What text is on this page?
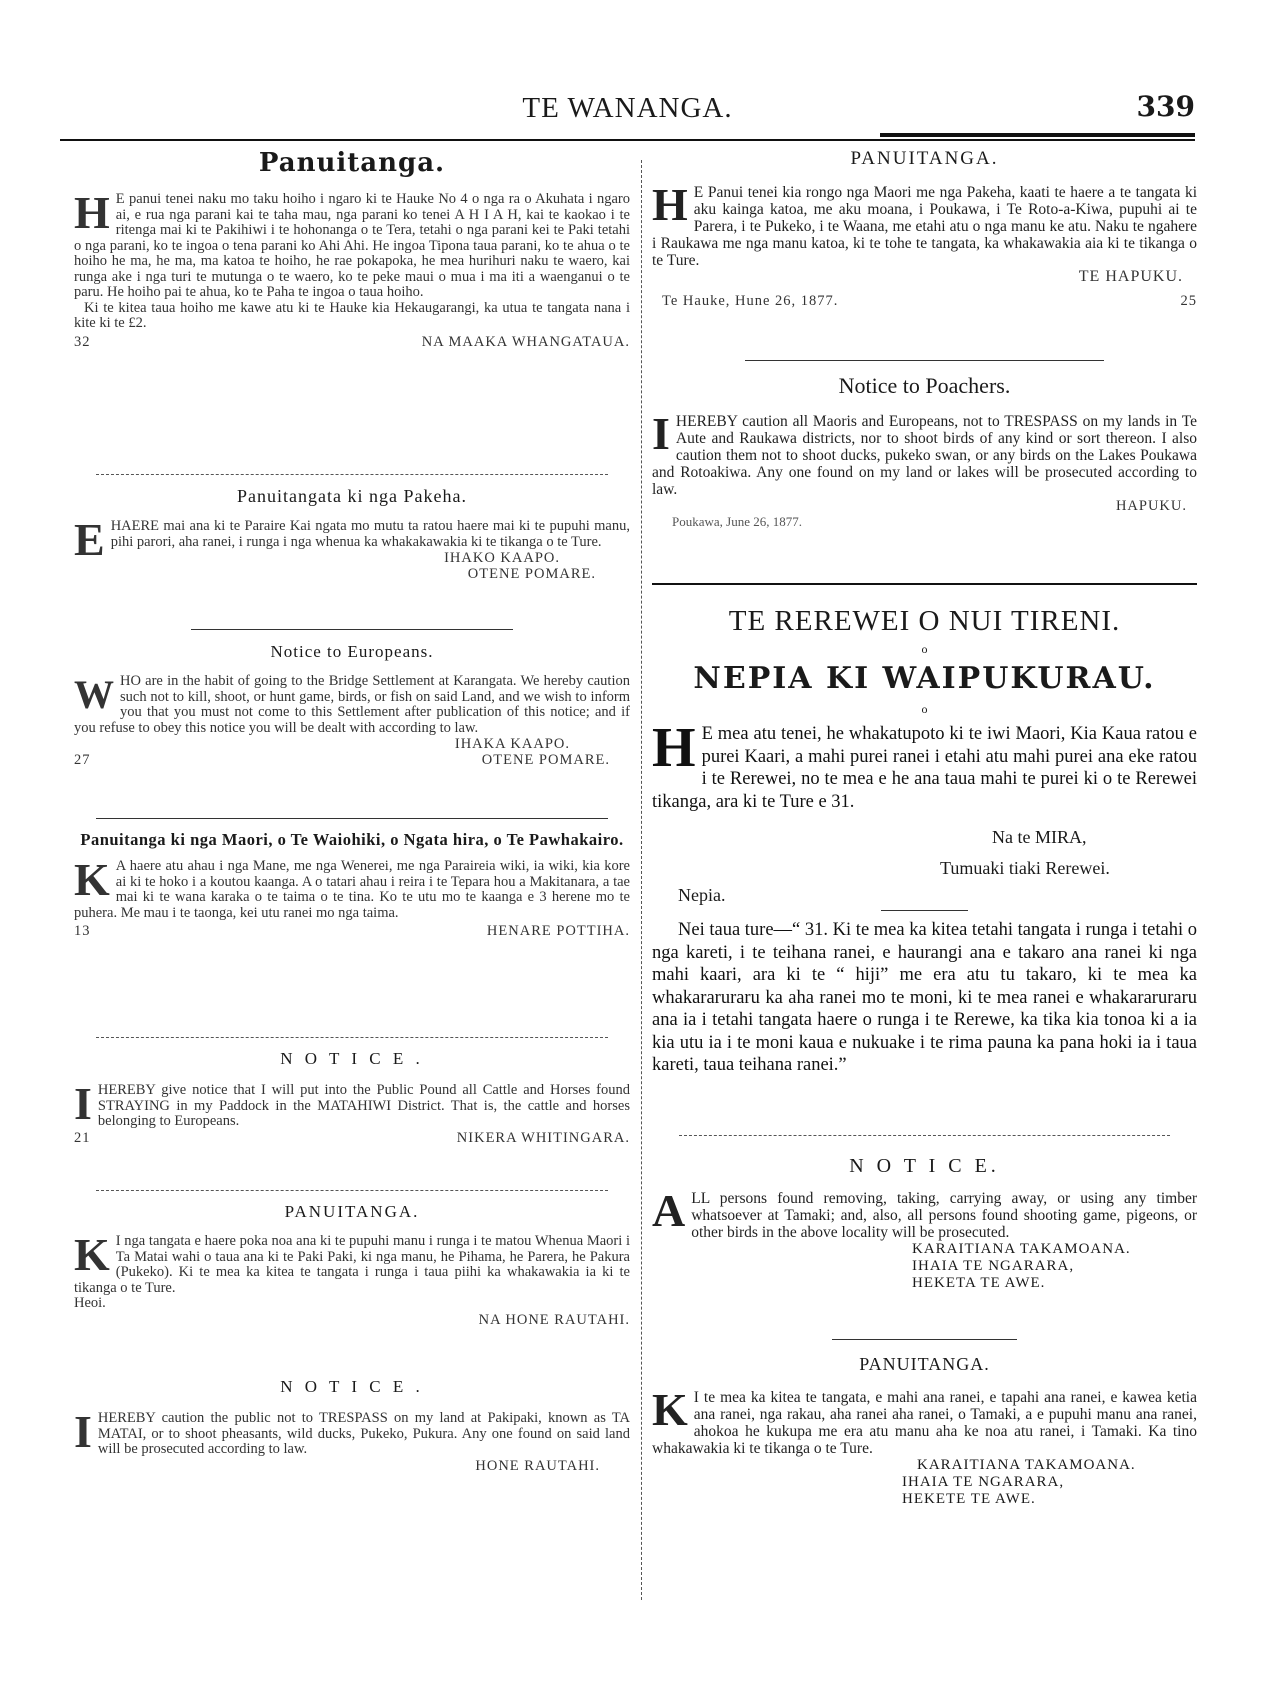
TE WANANGA.	339
Panuitanga.

H E panui tenei naku mo taku hoiho i ngaro ki te Hauke No 4 o nga ra o Akuhata i ngaro ai, e rua nga parani kai te taha mau, nga parani ko tenei A H I A H, kai te kaokao i te ritenga mai ki te Pakihiwi i te hohonanga o te Tera, tetahi o nga parani kei te Paki tetahi o nga parani, ko te ingoa o tena parani ko Ahi Ahi. He ingoa Tipona taua parani, ko te ahua o te hoiho he ma, he ma, ma katoa te hoiho, he rae pokapoka, he mea hurihuri naku te waero, kai runga ake i nga turi te mutunga o te waero, ko te peke maui o mua i ma iti a waenganui o te paru. He hoiho pai te ahua, ko te Paha te ingoa o taua hoiho.

Ki te kitea taua hoiho me kawe atu ki te Hauke kia Hekaugarangi, ka utua te tangata nana i kite ki te £2.

32	NA MAAKA WHANGATAUA.
Panuitangata ki nga Pakeha.

EHAERE mai ana ki te Paraire Kai ngata mo mutu ta ratou haere mai ki te pupuhi manu, pihi parori, aha ranei, i runga i nga whenua ka whakakawakia ki te tikanga o te Ture.

IHAKO KAAPO.
OTENE POMARE.
Notice to Europeans.

WHO are in the habit of going to the Bridge Settlement at Karangata. We hereby caution such not to kill, shoot, or hunt game, birds, or fish on said Land, and we wish to inform you that you must not come to this Settlement after publication of this notice; and if you refuse to obey this notice you will be dealt with according to law.

IHAKA KAAPO.
27	OTENE POMARE.
Panuitanga ki nga Maori, o Te Waiohiki, o Ngata hira, o Te Pawhakairo.

K A haere atu ahau i nga Mane, me nga Wenerei, me nga Paraireia wiki, ia wiki, kia kore ai ki te hoko i a koutou kaanga. A o tatari ahau i reira i te Tepara hou a Makitanara, a tae mai ki te wana karaka o te taima o te tina. Ko te utu mo te kaanga e 3 herene mo te puhera. Me mau i te taonga, kei utu ranei mo nga taima.

13	HENARE POTTIHA.
N O T I C E .

IHEREBY give notice that I will put into the Public Pound all Cattle and Horses found STRAYING in my Paddock in the MATAHIWI District. That is, the cattle and horses belonging to Europeans.

21	NIKERA WHITINGARA.
PANUITANGA.

K I nga tangata e haere poka noa ana ki te pupuhi manu i runga i te matou Whenua Maori i Ta Matai wahi o taua ana ki te Paki Paki, ki nga manu, he Pihama, he Parera, he Pakura (Pukeko). Ki te mea ka kitea te tangata i runga i taua piihi ka whakawakia ia ki te tikanga o te Ture.

Heoi.

NA HONE RAUTAHI.
N O T I C E .

IHEREBY caution the public not to TRESPASS on my land at Pakipaki, known as TA MATAI, or to shoot pheasants, wild ducks, Pukeko, Pukura. Any one found on said land will be prosecuted according to law.

HONE RAUTAHI.
PANUITANGA.

H E Panui tenei kia rongo nga Maori me nga Pakeha, kaati te haere a te tangata ki aku kainga katoa, me aku moana, i Poukawa, i Te Roto-a-Kiwa, pupuhi ai te Parera, i te Pukeko, i te Waana, me etahi atu o nga manu ke atu. Naku te ngahere i Raukawa me nga manu katoa, ki te tohe te tangata, ka whakawakia aia ki te tikanga o te Ture.

TE HAPUKU.
Te Hauke, Hune 26, 1877.	25
Notice to Poachers.

IHEREBY caution all Maoris and Europeans, not to TRESPASS on my lands in Te Aute and Raukawa districts, nor to shoot birds of any kind or sort thereon. I also caution them not to shoot ducks, pukeko swan, or any birds on the Lakes Poukawa and Rotoakiwa. Any one found on my land or lakes will be prosecuted according to law.

HAPUKU.
Poukawa, June 26, 1877.
TE REREWEI O NUI TIRENI.
o
NEPIA KI WAIPUKURAU.
o

H E mea atu tenei, he whakatupoto ki te iwi Maori, Kia Kaua ratou e purei Kaari, a mahi purei ranei i etahi atu mahi purei ana eke ratou i te Rerewei, no te mea e he ana taua mahi te purei ki o te Rerewei tikanga, ara ki te Ture e 31.

Na te MIRA,
Tumuaki tiaki Rerewei.
Nepia.

Nei taua ture—“ 31. Ki te mea ka kitea tetahi tangata i runga i tetahi o nga kareti, i te teihana ranei, e haurangi ana e takaro ana ranei ki nga mahi kaari, ara ki te “ hiji” me era atu tu takaro, ki te mea ka whakararuraru ka aha ranei mo te moni, ki te mea ranei e whakararuraru ana ia i tetahi tangata haere o runga i te Rerewe, ka tika kia tonoa ki a ia kia utu ia i te moni kaua e nukuake i te rima pauna ka pana hoki ia i taua kareti, taua teihana ranei.”

N O T I C E.

ALL persons found removing, taking, carrying away, or using any timber whatsoever at Tamaki; and, also, all persons found shooting game, pigeons, or other birds in the above locality will be prosecuted.

KARAITIANA TAKAMOANA.
IHAIA TE NGARARA,
HEKETA TE AWE.
PANUITANGA.

K I te mea ka kitea te tangata, e mahi ana ranei, e tapahi ana ranei, e kawea ketia ana ranei, nga rakau, aha ranei aha ranei, o Tamaki, a e pupuhi manu ana ranei, ahokoa he kukupa me era atu manu aha ke noa atu ranei, i Tamaki. Ka tino whakawakia ki te tikanga o te Ture.

KARAITIANA TAKAMOANA.
IHAIA TE NGARARA,
HEKETE TE AWE.
